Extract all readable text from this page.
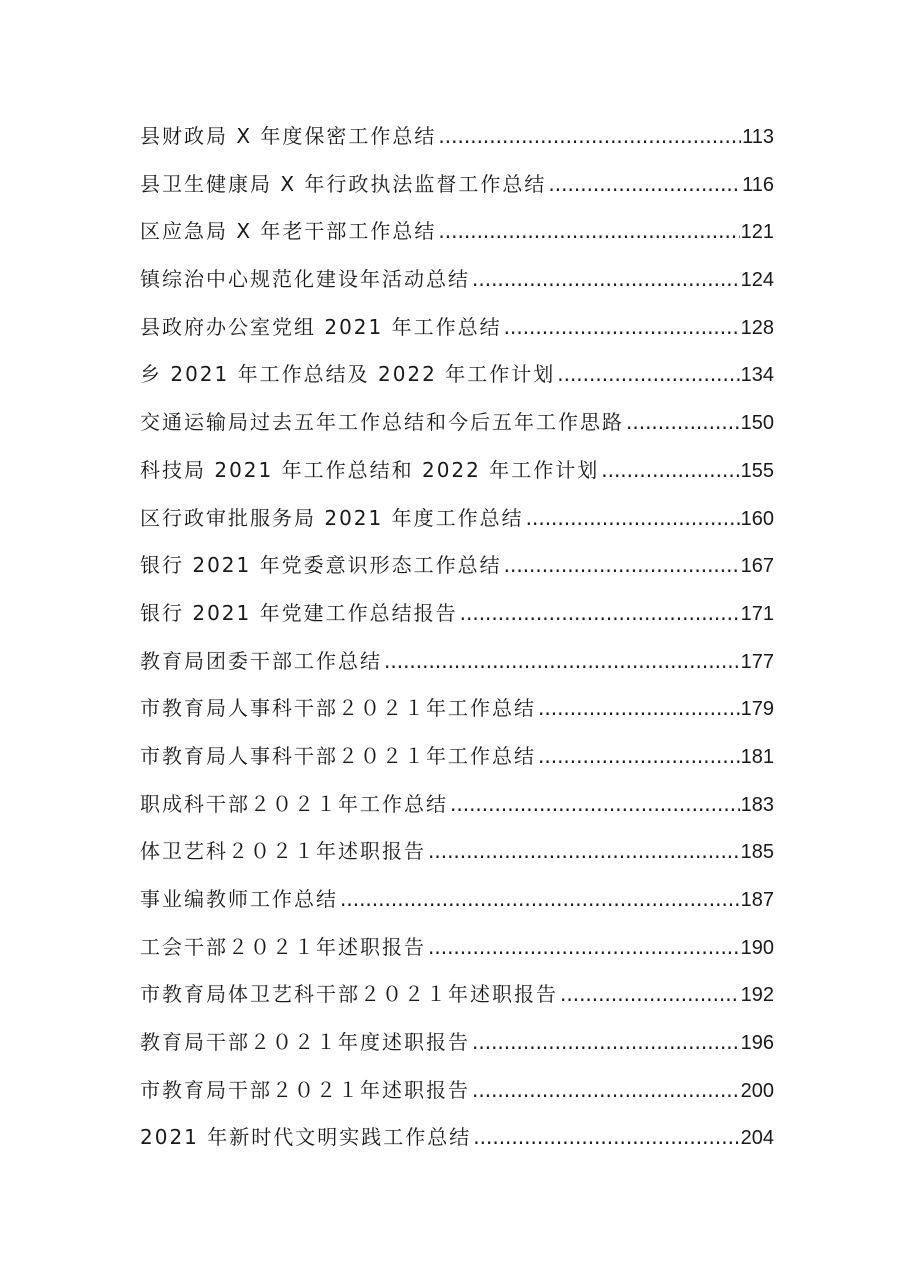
县财政局 X 年度保密工作总结 .....	113
县卫生健康局 X 年行政执法监督工作总结 .....	116
区应急局 X 年老干部工作总结 .....	121
镇综治中心规范化建设年活动总结 .....	124
县政府办公室党组 2021 年工作总结 .....	128
乡 2021 年工作总结及 2022 年工作计划 .....	134
交通运输局过去五年工作总结和今后五年工作思路 .....	150
科技局 2021 年工作总结和 2022 年工作计划 .....	155
区行政审批服务局 2021 年度工作总结 .....	160
银行 2021 年党委意识形态工作总结 .....	167
银行 2021 年党建工作总结报告 .....	171
教育局团委干部工作总结 .....	177
市教育局人事科干部２０２１年工作总结 .....	179
市教育局人事科干部２０２１年工作总结 .....	181
职成科干部２０２１年工作总结 .....	183
体卫艺科２０２１年述职报告 .....	185
事业编教师工作总结 .....	187
工会干部２０２１年述职报告 .....	190
市教育局体卫艺科干部２０２１年述职报告 .....	192
教育局干部２０２１年度述职报告 .....	196
市教育局干部２０２１年述职报告 .....	200
2021 年新时代文明实践工作总结 .....	204
